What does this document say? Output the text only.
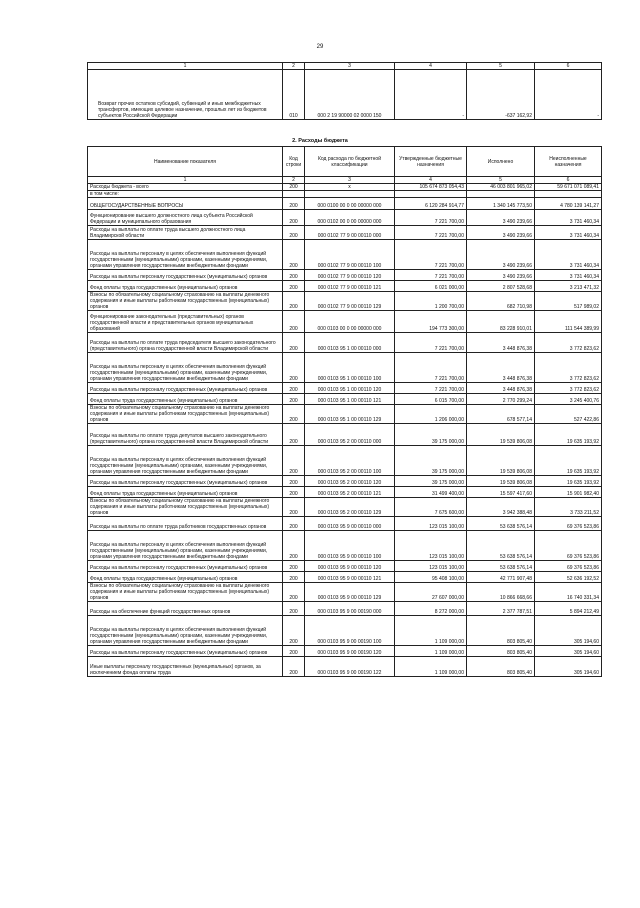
29
1	2	3	4	5	6
Возврат прочих остатков субсидий, субвенций и иных межбюджетных трансфертов, имеющих целевое назначение, прошлых лет из бюджетов субъектов Российской Федерации	010	000 2 19 90000 02 0000 150	-	-637 162,92	-
2. Расходы бюджета
Наименование показателя	Код строки	Код расхода по бюджетной классификации	Утвержденные бюджетные назначения	Исполнено	Неисполненные назначения
1	2	3	4	5	6
Расходы бюджета - всего	200	x	105 674 873 054,43	46 003 801 965,02	59 671 071 089,41
в том числе:					
ОБЩЕГОСУДАРСТВЕННЫЕ ВОПРОСЫ	200	000 0100 00 0 00 00000 000	6 120 284 914,77	1 340 145 773,50	4 780 139 141,27
Функционирование высшего должностного лица субъекта Российской Федерации и муниципального образования	200	000 0102 00 0 00 00000 000	7 221 700,00	3 490 239,66	3 731 460,34
Расходы на выплаты по оплате труда высшего должностного лица Владимирской области	200	000 0102 77 9 00 00110 000	7 221 700,00	3 490 239,66	3 731 460,34
Расходы на выплаты персоналу в целях обеспечения выполнения функций государственными (муниципальными) органами, казенными учреждениями, органами управления государственными внебюджетными фондами	200	000 0102 77 9 00 00110 100	7 221 700,00	3 490 239,66	3 731 460,34
Расходы на выплаты персоналу государственных (муниципальных) органов	200	000 0102 77 9 00 00110 120	7 221 700,00	3 490 239,66	3 731 460,34
Фонд оплаты труда государственных (муниципальных) органов	200	000 0102 77 9 00 00110 121	6 021 000,00	2 807 528,68	3 213 471,32
Взносы по обязательному социальному страхованию на выплаты денежного содержания и иные выплаты работникам государственных (муниципальных) органов	200	000 0102 77 9 00 00110 129	1 200 700,00	682 710,98	517 989,02
Функционирование законодательных (представительных) органов государственной власти и представительных органов муниципальных образований	200	000 0103 00 0 00 00000 000	194 773 300,00	83 228 910,01	111 544 389,99
Расходы на выплаты по оплате труда председателя высшего законодательного (представительного) органа государственной власти Владимирской области	200	000 0103 95 1 00 00110 000	7 221 700,00	3 448 876,38	3 772 823,62
Расходы на выплаты персоналу в целях обеспечения выполнения функций государственными (муниципальными) органами, казенными учреждениями, органами управления государственными внебюджетными фондами	200	000 0103 95 1 00 00110 100	7 221 700,00	3 448 876,38	3 772 823,62
Расходы на выплаты персоналу государственных (муниципальных) органов	200	000 0103 95 1 00 00110 120	7 221 700,00	3 448 876,38	3 772 823,62
Фонд оплаты труда государственных (муниципальных) органов	200	000 0103 95 1 00 00110 121	6 015 700,00	2 770 299,24	3 245 400,76
Взносы по обязательному социальному страхованию на выплаты денежного содержания и иные выплаты работникам государственных (муниципальных) органов	200	000 0103 95 1 00 00110 129	1 206 000,00	678 577,14	527 422,86
Расходы на выплаты по оплате труда депутатов высшего законодательного (представительного) органа государственной власти Владимирской области	200	000 0103 95 2 00 00110 000	39 175 000,00	19 539 806,08	19 635 193,92
Расходы на выплаты персоналу в целях обеспечения выполнения функций государственными (муниципальными) органами, казенными учреждениями, органами управления государственными внебюджетными фондами	200	000 0103 95 2 00 00110 100	39 175 000,00	19 539 806,08	19 635 193,92
Расходы на выплаты персоналу государственных (муниципальных) органов	200	000 0103 95 2 00 00110 120	39 175 000,00	19 539 806,08	19 635 193,92
Фонд оплаты труда государственных (муниципальных) органов	200	000 0103 95 2 00 00110 121	31 499 400,00	15 597 417,60	15 901 982,40
Взносы по обязательному социальному страхованию на выплаты денежного содержания и иные выплаты работникам государственных (муниципальных) органов	200	000 0103 95 2 00 00110 129	7 675 600,00	3 942 388,48	3 733 211,52
Расходы на выплаты по оплате труда работников государственных органов	200	000 0103 95 9 00 00110 000	123 015 100,00	53 638 576,14	69 376 523,86
Расходы на выплаты персоналу в целях обеспечения выполнения функций государственными (муниципальными) органами, казенными учреждениями, органами управления государственными внебюджетными фондами	200	000 0103 95 9 00 00110 100	123 015 100,00	53 638 576,14	69 376 523,86
Расходы на выплаты персоналу государственных (муниципальных) органов	200	000 0103 95 9 00 00110 120	123 015 100,00	53 638 576,14	69 376 523,86
Фонд оплаты труда государственных (муниципальных) органов	200	000 0103 95 9 00 00110 121	95 408 100,00	42 771 907,48	52 636 192,52
Взносы по обязательному социальному страхованию на выплаты денежного содержания и иные выплаты работникам государственных (муниципальных) органов	200	000 0103 95 9 00 00110 129	27 607 000,00	10 866 668,66	16 740 331,34
Расходы на обеспечение функций государственных органов	200	000 0103 95 9 00 00190 000	8 272 000,00	2 377 787,51	5 894 212,49
Расходы на выплаты персоналу в целях обеспечения выполнения функций государственными (муниципальными) органами, казенными учреждениями, органами управления государственными внебюджетными фондами	200	000 0103 95 9 00 00190 100	1 109 000,00	803 805,40	305 194,60
Расходы на выплаты персоналу государственных (муниципальных) органов	200	000 0103 95 9 00 00190 120	1 109 000,00	803 805,40	305 194,60
Иные выплаты персоналу государственных (муниципальных) органов, за исключением фонда оплаты труда	200	000 0103 95 9 00 00190 122	1 109 000,00	803 805,40	305 194,60
